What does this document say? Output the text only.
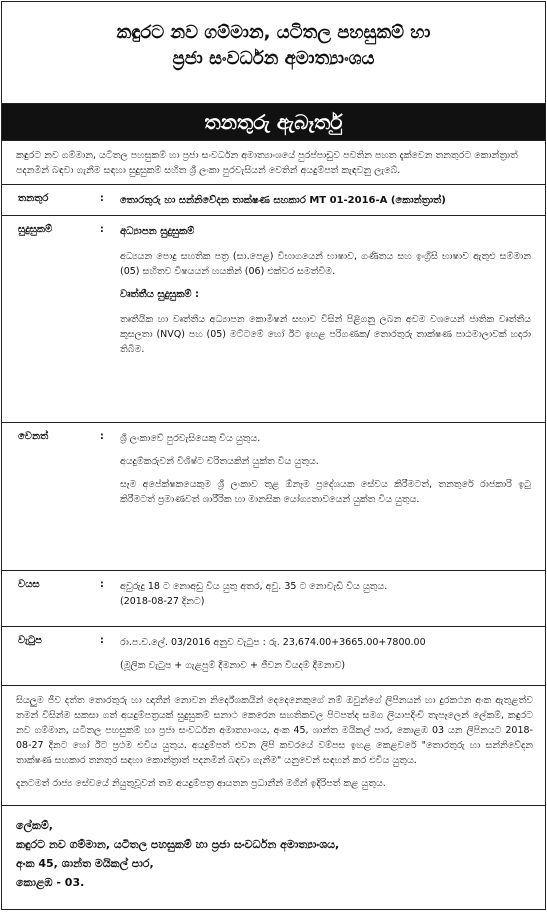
කඳුරට නව ගම්මාන, යටිතල පහසුකම් හා
ප්‍රජා සංවර්ධන අමාත්‍යාංශය
තනතුරු ඇබෑර්තු
කඳුරට නව ගම්මාන, යටිතල පහසුකම් හා ප්‍රජා සංවර්ධන අමාත්‍යාංශයේ පුරප්පාඩුව පවතින පහත දැක්වෙන තනතුරට කොන්ත්‍රාත් පදනමින් බඳවා ගැනීම සඳහා සුදුසුකම් සහිත ශ්‍රී ලංකා පුරවැසියන් වෙතින් අයදුම්පත් කැඳවනු ලැබේ.
තනතුර	: තොරතුරු හා සන්නිවේදන තාක්ෂණ සහකාර MT 01-2016-A (කොන්ත්‍රාත්)
සුදුසුකම්	: අධ්‍යාපන සුදුසුකම්

අධ්‍යයන පොදු සහතික පත්‍ර (සා.පෙළ) විභාගයෙන් භාෂාව, ගණිතය සහ ඉංග්‍රීසි භාෂාව ඇතුළු සම්මාන (05) සහිතව විෂයයන් හයකින් (06) එක්වර සමත්වීම.

වෘත්තීය සුදුසුකම් :

තෘතීයික හා වෘත්තීය අධ්‍යාපන කොමිෂන් සභාව විසින් පිළිගනු ලබන අවම වශයෙන් ජාතික වෘත්තීය කුසලතා (NVQ) පහ (05) මට්ටමේ හෝ ඊට ඉහළ පරිගණක/ තොරතුරු තාක්ෂණ පාඨමාලාවක් හදාරා තිබීම.

වෙනත්	: ශ්‍රී ලංකාවේ පුරවැසියෙකු විය යුතුය.

අයදුම්කරුවන් විශිෂ්ට චරිතයකින් යුක්ත විය යුතුය.

සෑම අපේක්ෂකයෙකුම ශ්‍රී ලංකාව තුළ ඕනෑම ප්‍රදේශයක සේවය කිරීමටත්, තනතුරේ රාජකාරි ඉටු කිරීමටත් ප්‍රමාණවත් ශාරීරික හා මානසික යෝග්‍යතාවයෙන් යුක්ත විය යුතුය.

වයස	: අවුරුදු 18 ට නොඅඩු විය යුතු අතර, අවු. 35 ට නොවැඩි විය යුතුය.
(2018-08-27 දිනට)
වැටුප	: රා.ප.ච.ලේ. 03/2016 අනුව වැටුප : රු. 23,674.00+3665.00+7800.00

(මූලික වැටුප + ගැළපුම් දීමනාව + ජීවන වියදම් දීමනාව)

සියලුම ජීව දත්ත තොරතුරු හා ඥාතීන් නොවන නිර්දේශකයින් දෙදෙනෙකුගේ නම් ඔවුන්ගේ ලිපිනයන් හා දුරකථන අංක ඇතුළත්ව තමන් විසින්ම සකසා ගත් අයදුම්පත්‍රයක් සුදුසුකම් සනාථ කෙරෙන සහතිකවල පිටපත්ද සමග ලියාපදිංචි තැපෑලෙන් ලේකම්, කඳුරට නව ගම්මාන, යටිතල පහසුකම් හා ප්‍රජා සංවර්ධන අමාත්‍යාංශය, අංක 45, ශාන්ත මයිකල් පාර, කොළඹ 03 යන ලිපිනයට 2018-08-27 දිනට හෝ ඊට ප්‍රථම එවිය යුතුය. අයදුම්පත් එවන ලිපි කවරයේ වම්පස ඉහළ කෙළවරේ "තොරතුරු හා සන්නිවේදන තාක්ෂණ සහකාර තනතුර සඳහා කොන්ත්‍රාත් පදනමින් බඳවා ගැනීම" යනුවෙන් සඳහන් කර එවිය යුතුය.

දැනටමත් රාජ්‍ය සේවයේ නියුතුවූවන් තම අයදුම්පත්‍ර ආයතන ප්‍රධානීන් මගින් ඉදිරිපත් කළ යුතුය.

ලේකම්,
කඳුරට නව ගම්මාන, යටිතල පහසුකම් හා ප්‍රජා සංවර්ධන අමාත්‍යාංශය,
අංක 45, ශාන්ත මයිකල් පාර,
කොළඹ - 03.
